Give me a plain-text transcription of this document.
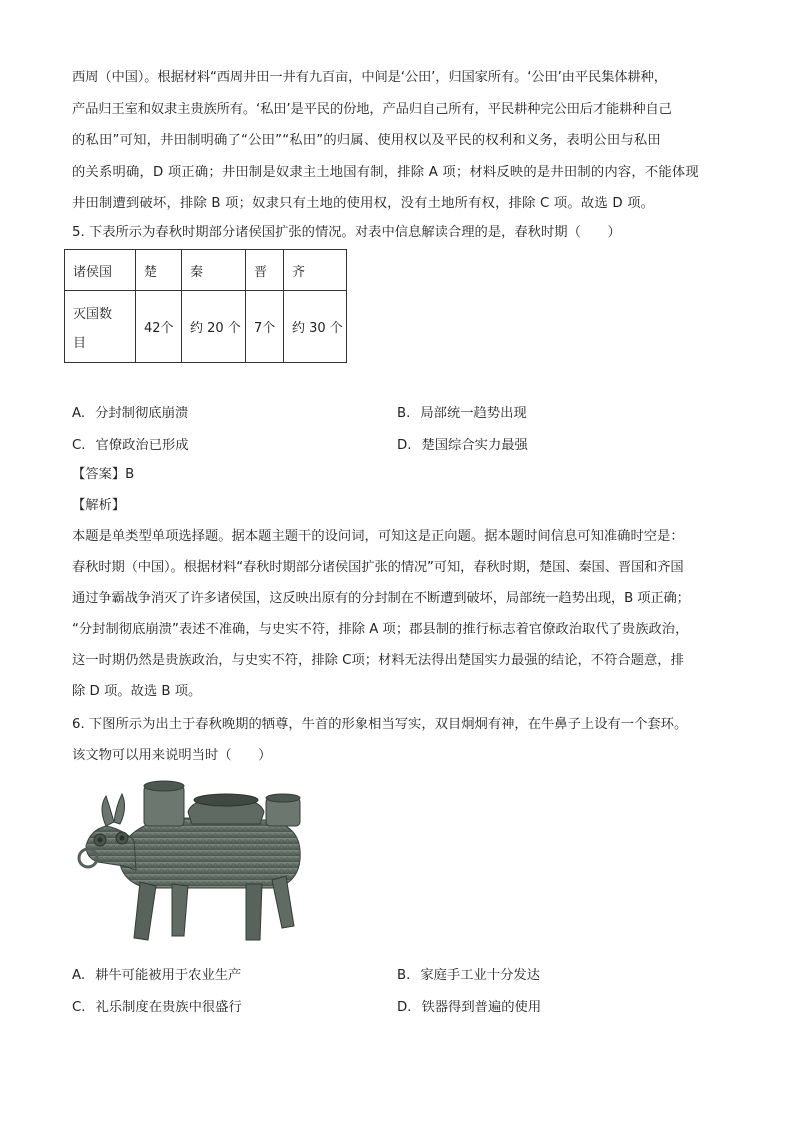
西周（中国）。根据材料“西周井田一井有九百亩，中间是‘公田’，归国家所有。‘公田’由平民集体耕种，
产品归王室和奴隶主贵族所有。‘私田’是平民的份地，产品归自己所有，平民耕种完公田后才能耕种自己
的私田”可知，井田制明确了“公田”“私田”的归属、使用权以及平民的权利和义务，表明公田与私田
的关系明确，D 项正确；井田制是奴隶主土地国有制，排除 A 项；材料反映的是井田制的内容，不能体现
井田制遭到破坏，排除 B 项；奴隶只有土地的使用权，没有土地所有权，排除 C 项。故选 D 项。
5. 下表所示为春秋时期部分诸侯国扩张的情况。对表中信息解读合理的是，春秋时期（　　）
诸侯国	楚	秦	晋	齐

灭国数
目	42个	约 20 个	7个	约 30 个
A. 分封制彻底崩溃	B. 局部统一趋势出现
C. 官僚政治已形成	D. 楚国综合实力最强
【答案】B
【解析】
本题是单类型单项选择题。据本题主题干的设问词，可知这是正向题。据本题时间信息可知准确时空是：
春秋时期（中国）。根据材料“春秋时期部分诸侯国扩张的情况”可知，春秋时期，楚国、秦国、晋国和齐国
通过争霸战争消灭了许多诸侯国，这反映出原有的分封制在不断遭到破坏，局部统一趋势出现，B 项正确；
“分封制彻底崩溃”表述不准确，与史实不符，排除 A 项；郡县制的推行标志着官僚政治取代了贵族政治，
这一时期仍然是贵族政治，与史实不符，排除 C项；材料无法得出楚国实力最强的结论，不符合题意，排
除 D 项。故选 B 项。
6. 下图所示为出土于春秋晚期的牺尊，牛首的形象相当写实，双目炯炯有神，在牛鼻子上设有一个套环。
该文物可以用来说明当时（　　）
A. 耕牛可能被用于农业生产	B. 家庭手工业十分发达
C. 礼乐制度在贵族中很盛行	D. 铁器得到普遍的使用
